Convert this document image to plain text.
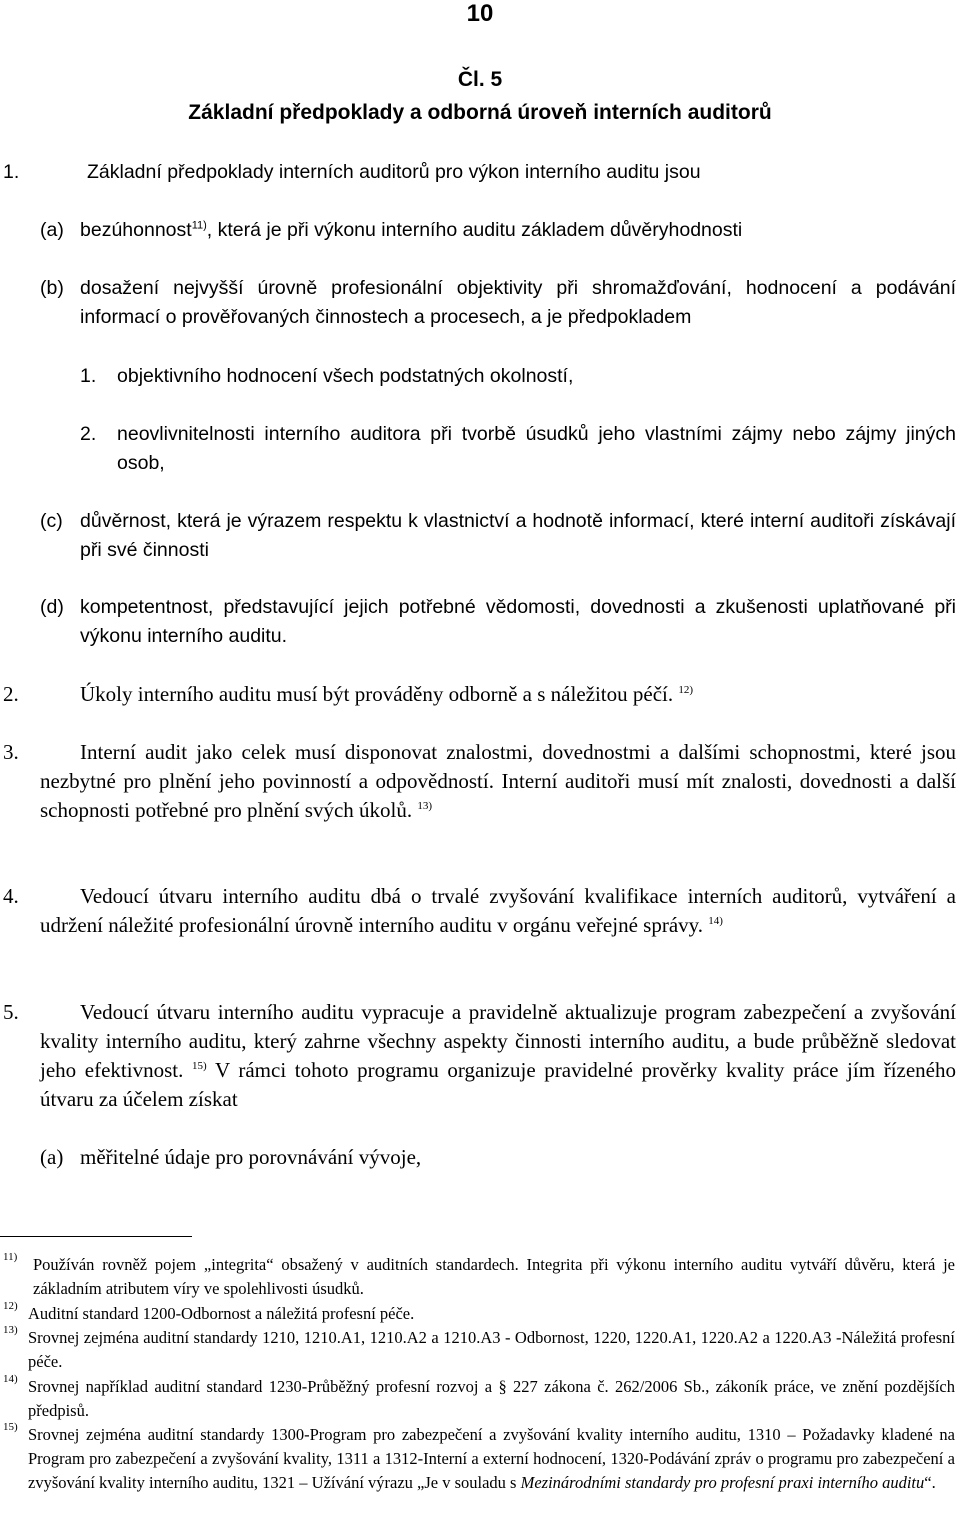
10
Čl. 5
Základní předpoklady a odborná úroveň interních auditorů
1.	Základní předpoklady interních auditorů pro výkon interního auditu jsou
(a) bezúhonnost$^{11)}$, která je při výkonu interního auditu základem důvěryhodnosti
(b) dosažení nejvyšší úrovně profesionální objektivity při shromažďování, hodnocení a podávání informací o prověřovaných činnostech a procesech, a je předpokladem
1. objektivního hodnocení všech podstatných okolností,
2. neovlivnitelnosti interního auditora při tvorbě úsudků jeho vlastními zájmy nebo zájmy jiných osob,
(c) důvěrnost, která je výrazem respektu k vlastnictví a hodnotě informací, které interní auditoři získávají při své činnosti
(d) kompetentnost, představující jejich potřebné vědomosti, dovednosti a zkušenosti uplatňované při výkonu interního auditu.
2.	Úkoly interního auditu musí být prováděny odborně a s náležitou péčí. $^{12)}$
3.	Interní audit jako celek musí disponovat znalostmi, dovednostmi a dalšími schopnostmi, které jsou nezbytné pro plnění jeho povinností a odpovědností. Interní auditoři musí mít znalosti, dovednosti a další schopnosti potřebné pro plnění svých úkolů. $^{13)}$
4.	Vedoucí útvaru interního auditu dbá o trvalé zvyšování kvalifikace interních auditorů, vytváření a udržení náležité profesionální úrovně interního auditu v orgánu veřejné správy. $^{14)}$
5.	Vedoucí útvaru interního auditu vypracuje a pravidelně aktualizuje program zabezpečení a zvyšování kvality interního auditu, který zahrne všechny aspekty činnosti interního auditu, a bude průběžně sledovat jeho efektivnost. $^{15)}$ V rámci tohoto programu organizuje pravidelné prověrky kvality práce jím řízeného útvaru za účelem získat
(a) měřitelné údaje pro porovnávání vývoje,
11) Používán rovněž pojem „integrita“ obsažený v auditních standardech. Integrita při výkonu interního auditu vytváří důvěru, která je základním atributem víry ve spolehlivosti úsudků.
12) Auditní standard 1200-Odbornost a náležitá profesní péče.
13) Srovnej zejména auditní standardy 1210, 1210.A1, 1210.A2 a 1210.A3 - Odbornost, 1220, 1220.A1, 1220.A2 a 1220.A3 -Náležitá profesní péče.
14) Srovnej například auditní standard 1230-Průběžný profesní rozvoj a § 227 zákona č. 262/2006 Sb., zákoník práce, ve znění pozdějších předpisů.
15) Srovnej zejména auditní standardy 1300-Program pro zabezpečení a zvyšování kvality interního auditu, 1310 – Požadavky kladené na Program pro zabezpečení a zvyšování kvality, 1311 a 1312-Interní a externí hodnocení, 1320-Podávání zpráv o programu pro zabezpečení a zvyšování kvality interního auditu, 1321 – Užívání výrazu „Je v souladu s Mezinárodními standardy pro profesní praxi interního auditu“.
